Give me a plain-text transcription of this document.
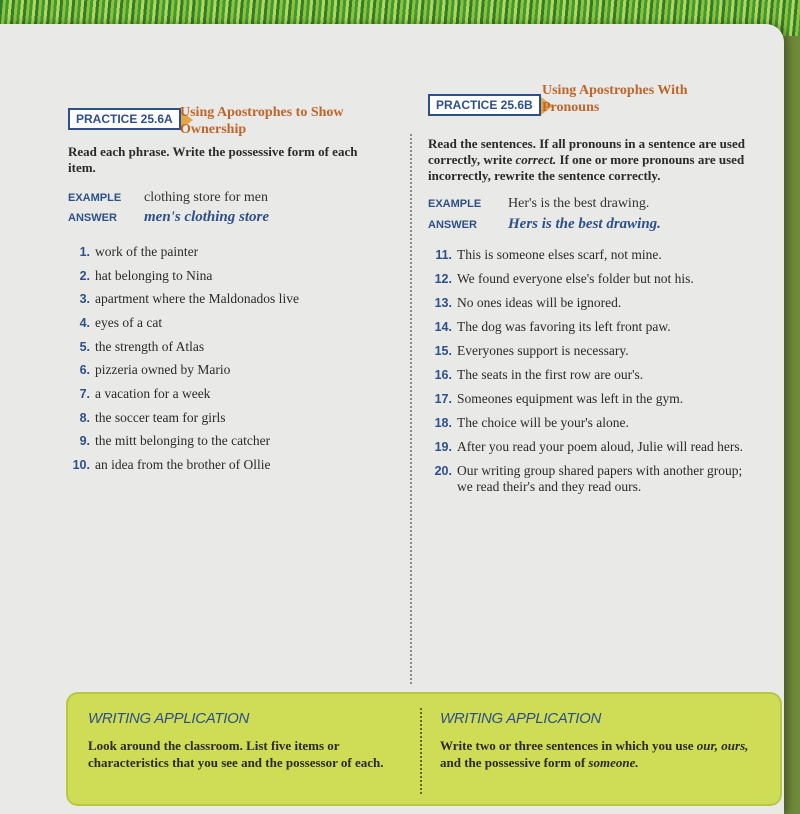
PRACTICE 25.6A Using Apostrophes to Show Ownership
Read each phrase. Write the possessive form of each item.
EXAMPLE	clothing store for men
ANSWER	men's clothing store
1. work of the painter
2. hat belonging to Nina
3. apartment where the Maldonados live
4. eyes of a cat
5. the strength of Atlas
6. pizzeria owned by Mario
7. a vacation for a week
8. the soccer team for girls
9. the mitt belonging to the catcher
10. an idea from the brother of Ollie
PRACTICE 25.6B
Using Apostrophes With Pronouns
Read the sentences. If all pronouns in a sentence are used correctly, write correct. If one or more pronouns are used incorrectly, rewrite the sentence correctly.
EXAMPLE	Her's is the best drawing.
ANSWER	Hers is the best drawing.
11. This is someone elses scarf, not mine.
12. We found everyone else's folder but not his.
13. No ones ideas will be ignored.
14. The dog was favoring its left front paw.
15. Everyones support is necessary.
16. The seats in the first row are our's.
17. Someones equipment was left in the gym.
18. The choice will be your's alone.
19. After you read your poem aloud, Julie will read hers.
20. Our writing group shared papers with another group; we read their's and they read ours.
WRITING APPLICATION
Look around the classroom. List five items or characteristics that you see and the possessor of each.
WRITING APPLICATION
Write two or three sentences in which you use our, ours, and the possessive form of someone.
